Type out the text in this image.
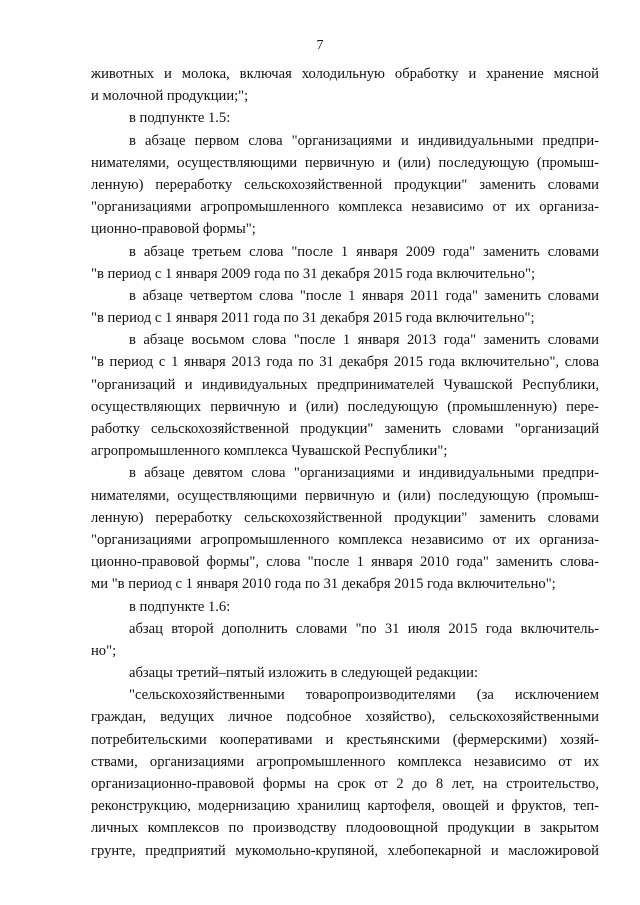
7
животных и молока, включая холодильную обработку и хранение мясной
и молочной продукции;";
в подпункте 1.5:
в абзаце первом слова "организациями и индивидуальными предпри-
нимателями, осуществляющими первичную и (или) последующую (промыш-
ленную) переработку сельскохозяйственной продукции" заменить словами
"организациями агропромышленного комплекса независимо от их организа-
ционно-правовой формы";
в абзаце третьем слова "после 1 января 2009 года" заменить словами
"в период с 1 января 2009 года по 31 декабря 2015 года включительно";
в абзаце четвертом слова "после 1 января 2011 года" заменить словами
"в период с 1 января 2011 года по 31 декабря 2015 года включительно";
в абзаце восьмом слова "после 1 января 2013 года" заменить словами
"в период с 1 января 2013 года по 31 декабря 2015 года включительно", слова
"организаций и индивидуальных предпринимателей Чувашской Республики,
осуществляющих первичную и (или) последующую (промышленную) пере-
работку сельскохозяйственной продукции" заменить словами "организаций
агропромышленного комплекса Чувашской Республики";
в абзаце девятом слова "организациями и индивидуальными предпри-
нимателями, осуществляющими первичную и (или) последующую (промыш-
ленную) переработку сельскохозяйственной продукции" заменить словами
"организациями агропромышленного комплекса независимо от их организа-
ционно-правовой формы", слова "после 1 января 2010 года" заменить слова-
ми "в период с 1 января 2010 года по 31 декабря 2015 года включительно";
в подпункте 1.6:
абзац второй дополнить словами "по 31 июля 2015 года включитель-
но";
абзацы третий–пятый изложить в следующей редакции:
"сельскохозяйственными товаропроизводителями (за исключением
граждан, ведущих личное подсобное хозяйство), сельскохозяйственными
потребительскими кооперативами и крестьянскими (фермерскими) хозяй-
ствами, организациями агропромышленного комплекса независимо от их
организационно-правовой формы на срок от 2 до 8 лет, на строительство,
реконструкцию, модернизацию хранилищ картофеля, овощей и фруктов, теп-
личных комплексов по производству плодоовощной продукции в закрытом
грунте, предприятий мукомольно-крупяной, хлебопекарной и масложировой
